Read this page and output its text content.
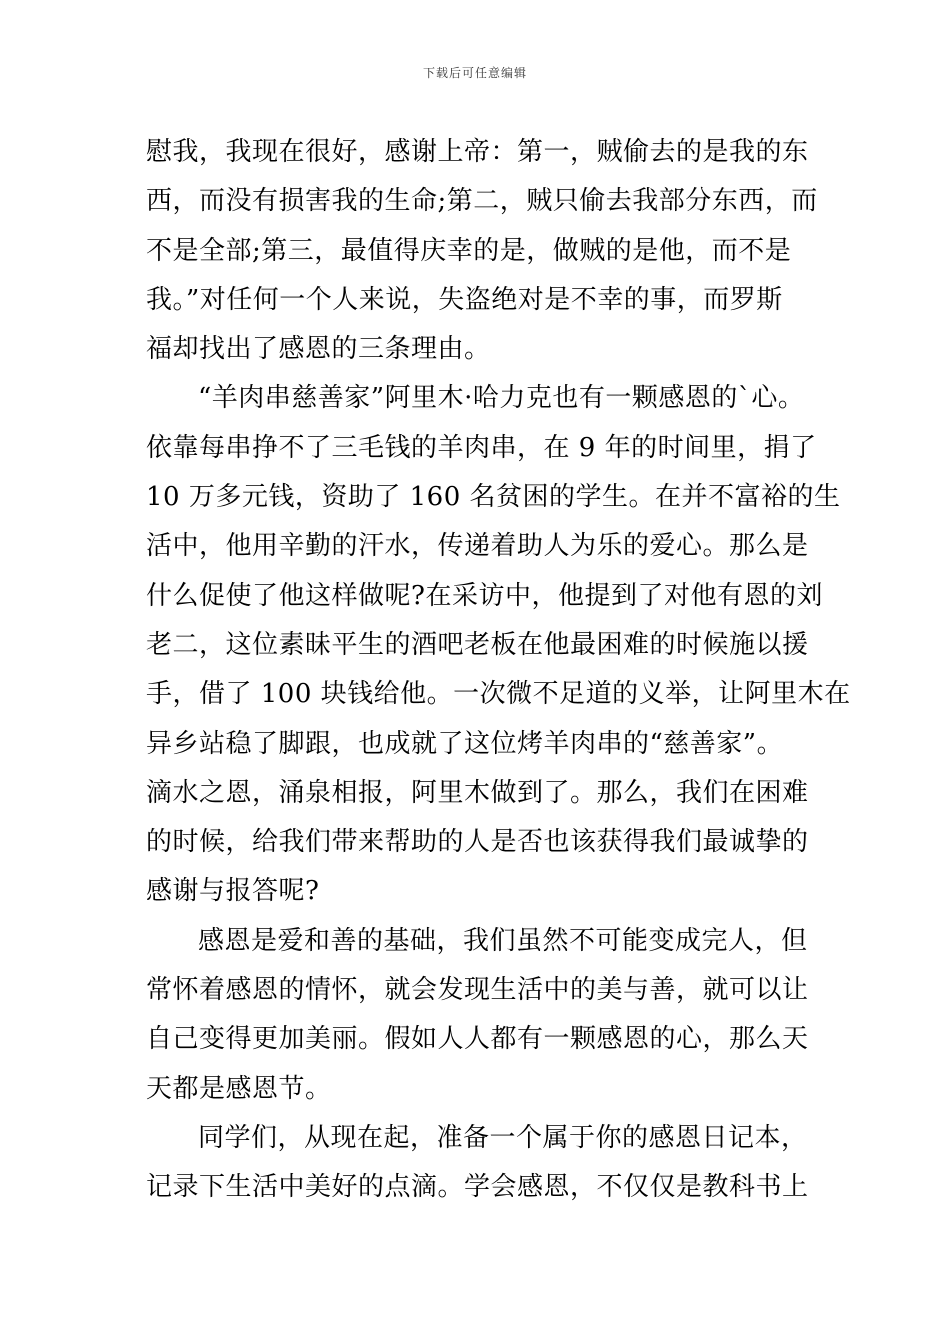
下载后可任意编辑
慰我，我现在很好，感谢上帝：第一，贼偷去的是我的东
西，而没有损害我的生命;第二，贼只偷去我部分东西，而
不是全部;第三，最值得庆幸的是，做贼的是他，而不是
我。”对任何一个人来说，失盗绝对是不幸的事，而罗斯
福却找出了感恩的三条理由。
“羊肉串慈善家”阿里木·哈力克也有一颗感恩的`心。
依靠每串挣不了三毛钱的羊肉串，在 9 年的时间里，捐了
10 万多元钱，资助了 160 名贫困的学生。在并不富裕的生
活中，他用辛勤的汗水，传递着助人为乐的爱心。那么是
什么促使了他这样做呢?在采访中，他提到了对他有恩的刘
老二，这位素昧平生的酒吧老板在他最困难的时候施以援
手，借了 100 块钱给他。一次微不足道的义举，让阿里木在
异乡站稳了脚跟，也成就了这位烤羊肉串的“慈善家”。
滴水之恩，涌泉相报，阿里木做到了。那么，我们在困难
的时候，给我们带来帮助的人是否也该获得我们最诚挚的
感谢与报答呢?
感恩是爱和善的基础，我们虽然不可能变成完人，但
常怀着感恩的情怀，就会发现生活中的美与善，就可以让
自己变得更加美丽。假如人人都有一颗感恩的心，那么天
天都是感恩节。
同学们，从现在起，准备一个属于你的感恩日记本，
记录下生活中美好的点滴。学会感恩，不仅仅是教科书上
